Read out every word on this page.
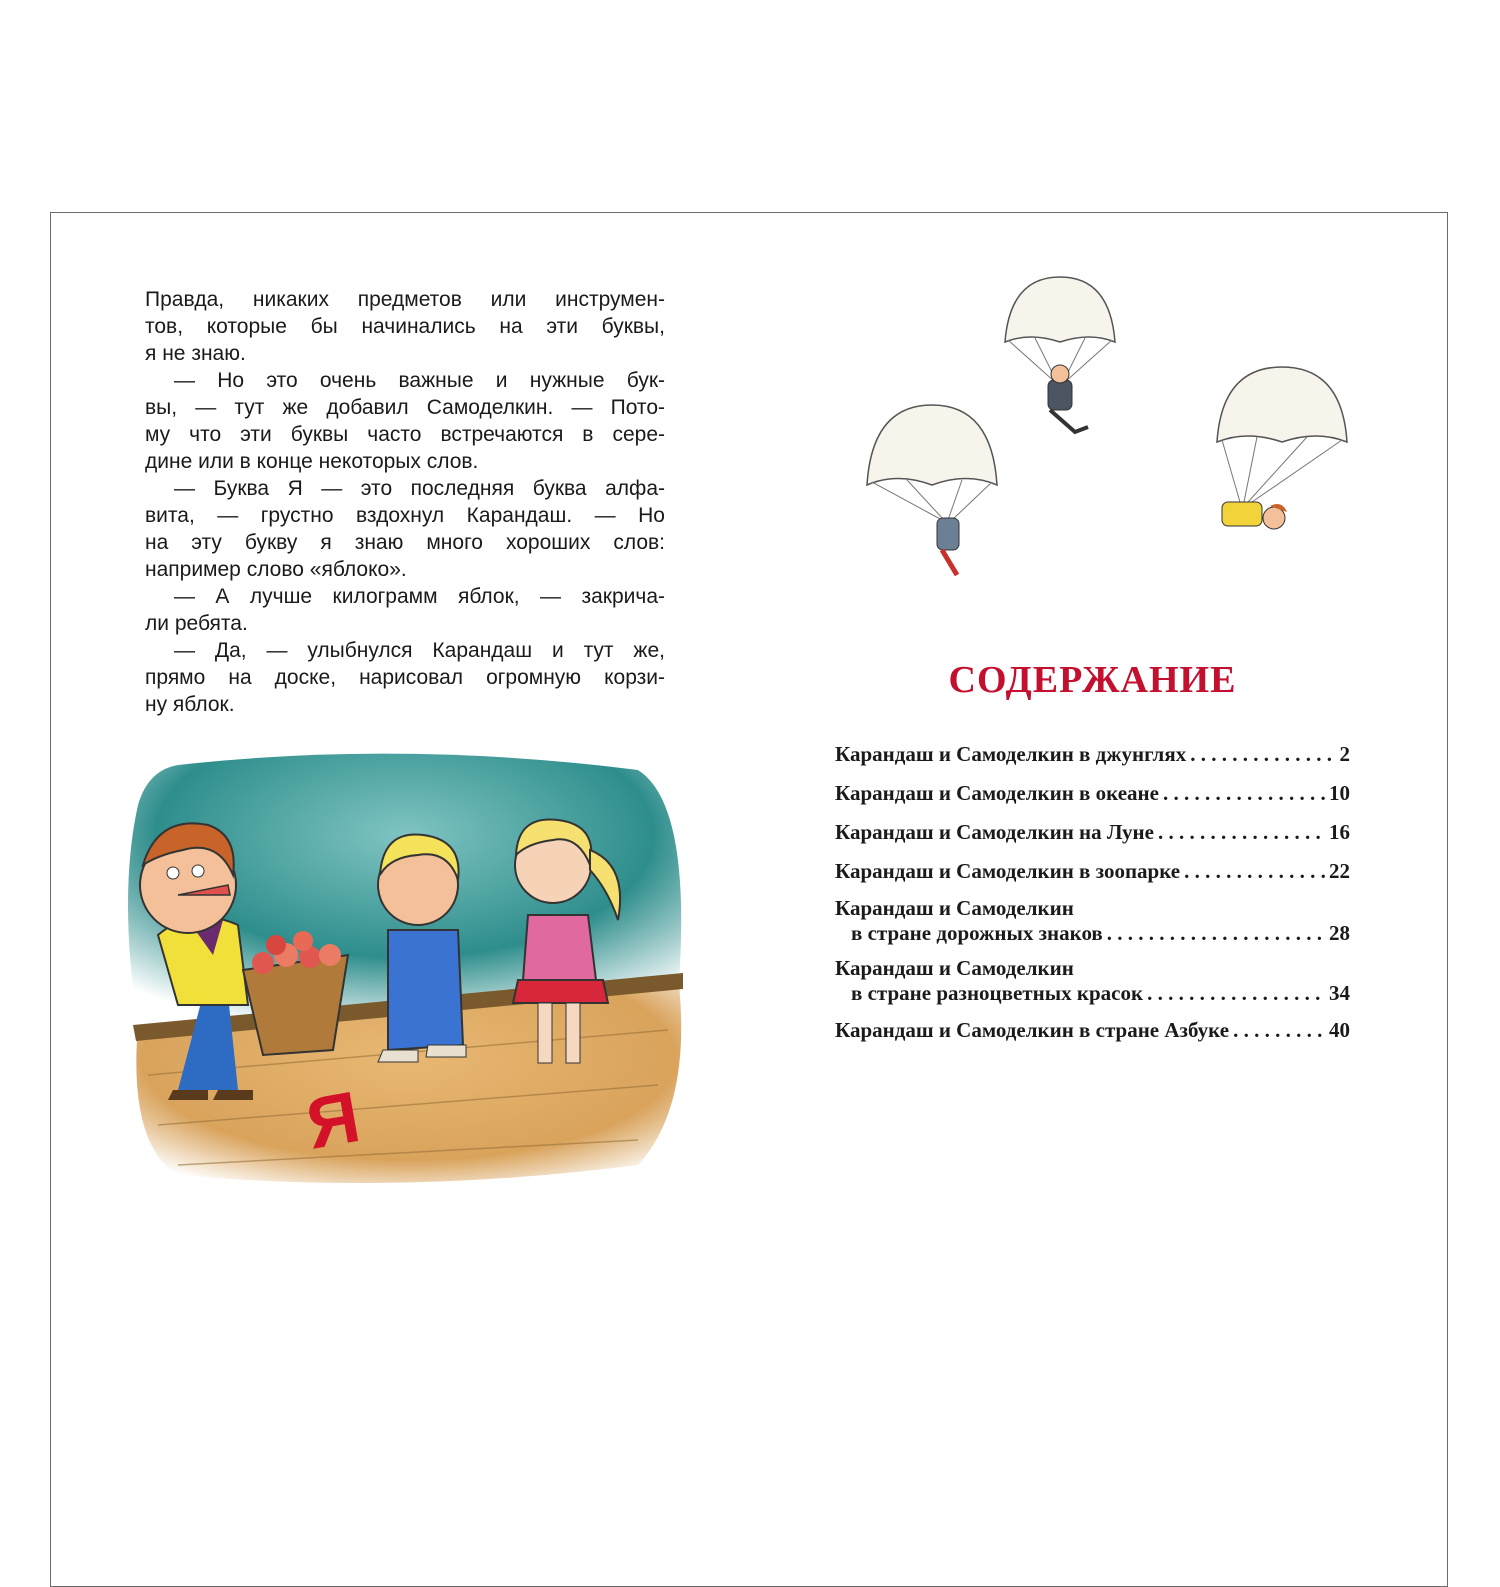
Правда, никаких предметов или инструмен-

тов, которые бы начинались на эти буквы,

я не знаю.

— Но это очень важные и нужные бук-

вы, — тут же добавил Самоделкин. — Пото-

му что эти буквы часто встречаются в сере-

дине или в конце некоторых слов.

— Буква Я — это последняя буква алфа-

вита, — грустно вздохнул Карандаш. — Но

на эту букву я знаю много хороших слов:

например слово «яблоко».

— А лучше килограмм яблок, — закрича-

ли ребята.

— Да, — улыбнулся Карандаш и тут же,

прямо на доске, нарисовал огромную корзи-

ну яблок.

Я
СОДЕРЖАНИЕ
Карандаш и Самоделкин в джунглях . . .	2
Карандаш и Самоделкин в океане . . .	10
Карандаш и Самоделкин на Луне . . .	16
Карандаш и Самоделкин в зоопарке . . .	22
Карандаш и Самоделкин
в стране дорожных знаков . . .	28
Карандаш и Самоделкин
в стране разноцветных красок . . .	34
Карандаш и Самоделкин в стране Азбуке . . .	40
